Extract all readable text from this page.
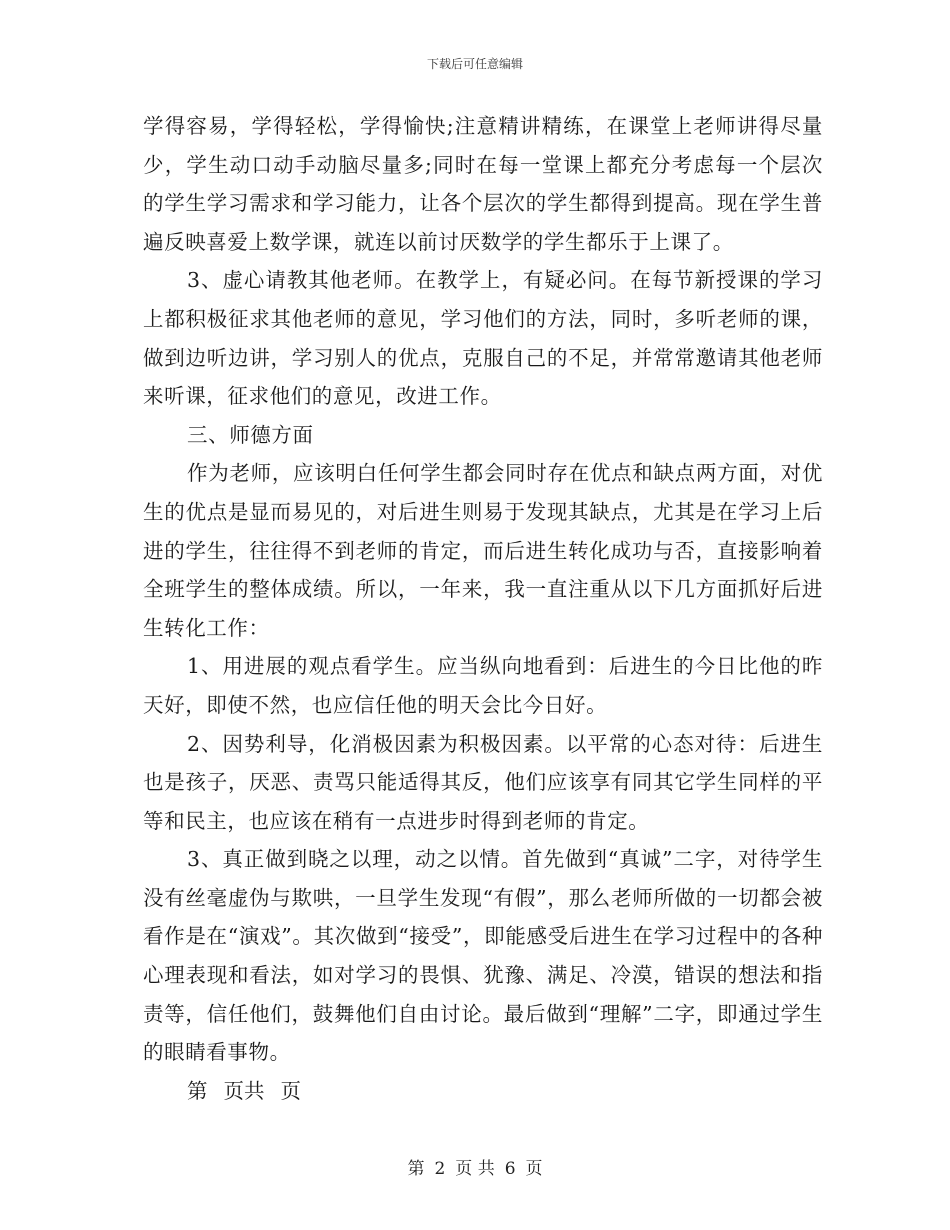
下载后可任意编辑

学得容易，学得轻松，学得愉快;注意精讲精练，在课堂上老师讲得尽量少，学生动口动手动脑尽量多;同时在每一堂课上都充分考虑每一个层次的学生学习需求和学习能力，让各个层次的学生都得到提高。现在学生普遍反映喜爱上数学课，就连以前讨厌数学的学生都乐于上课了。

3、虚心请教其他老师。在教学上，有疑必问。在每节新授课的学习上都积极征求其他老师的意见，学习他们的方法，同时，多听老师的课，做到边听边讲，学习别人的优点，克服自己的不足，并常常邀请其他老师来听课，征求他们的意见，改进工作。

三、师德方面

作为老师，应该明白任何学生都会同时存在优点和缺点两方面，对优生的优点是显而易见的，对后进生则易于发现其缺点，尤其是在学习上后进的学生，往往得不到老师的肯定，而后进生转化成功与否，直接影响着全班学生的整体成绩。所以，一年来，我一直注重从以下几方面抓好后进生转化工作：

1、用进展的观点看学生。应当纵向地看到：后进生的今日比他的昨天好，即使不然，也应信任他的明天会比今日好。

2、因势利导，化消极因素为积极因素。以平常的心态对待：后进生也是孩子，厌恶、责骂只能适得其反，他们应该享有同其它学生同样的平等和民主，也应该在稍有一点进步时得到老师的肯定。

3、真正做到晓之以理，动之以情。首先做到“真诚”二字，对待学生没有丝毫虚伪与欺哄，一旦学生发现“有假”，那么老师所做的一切都会被看作是在“演戏”。其次做到“接受”，即能感受后进生在学习过程中的各种心理表现和看法，如对学习的畏惧、犹豫、满足、冷漠，错误的想法和指责等，信任他们，鼓舞他们自由讨论。最后做到“理解”二字，即通过学生的眼睛看事物。

第 页共 页

第 2 页 共 6 页
